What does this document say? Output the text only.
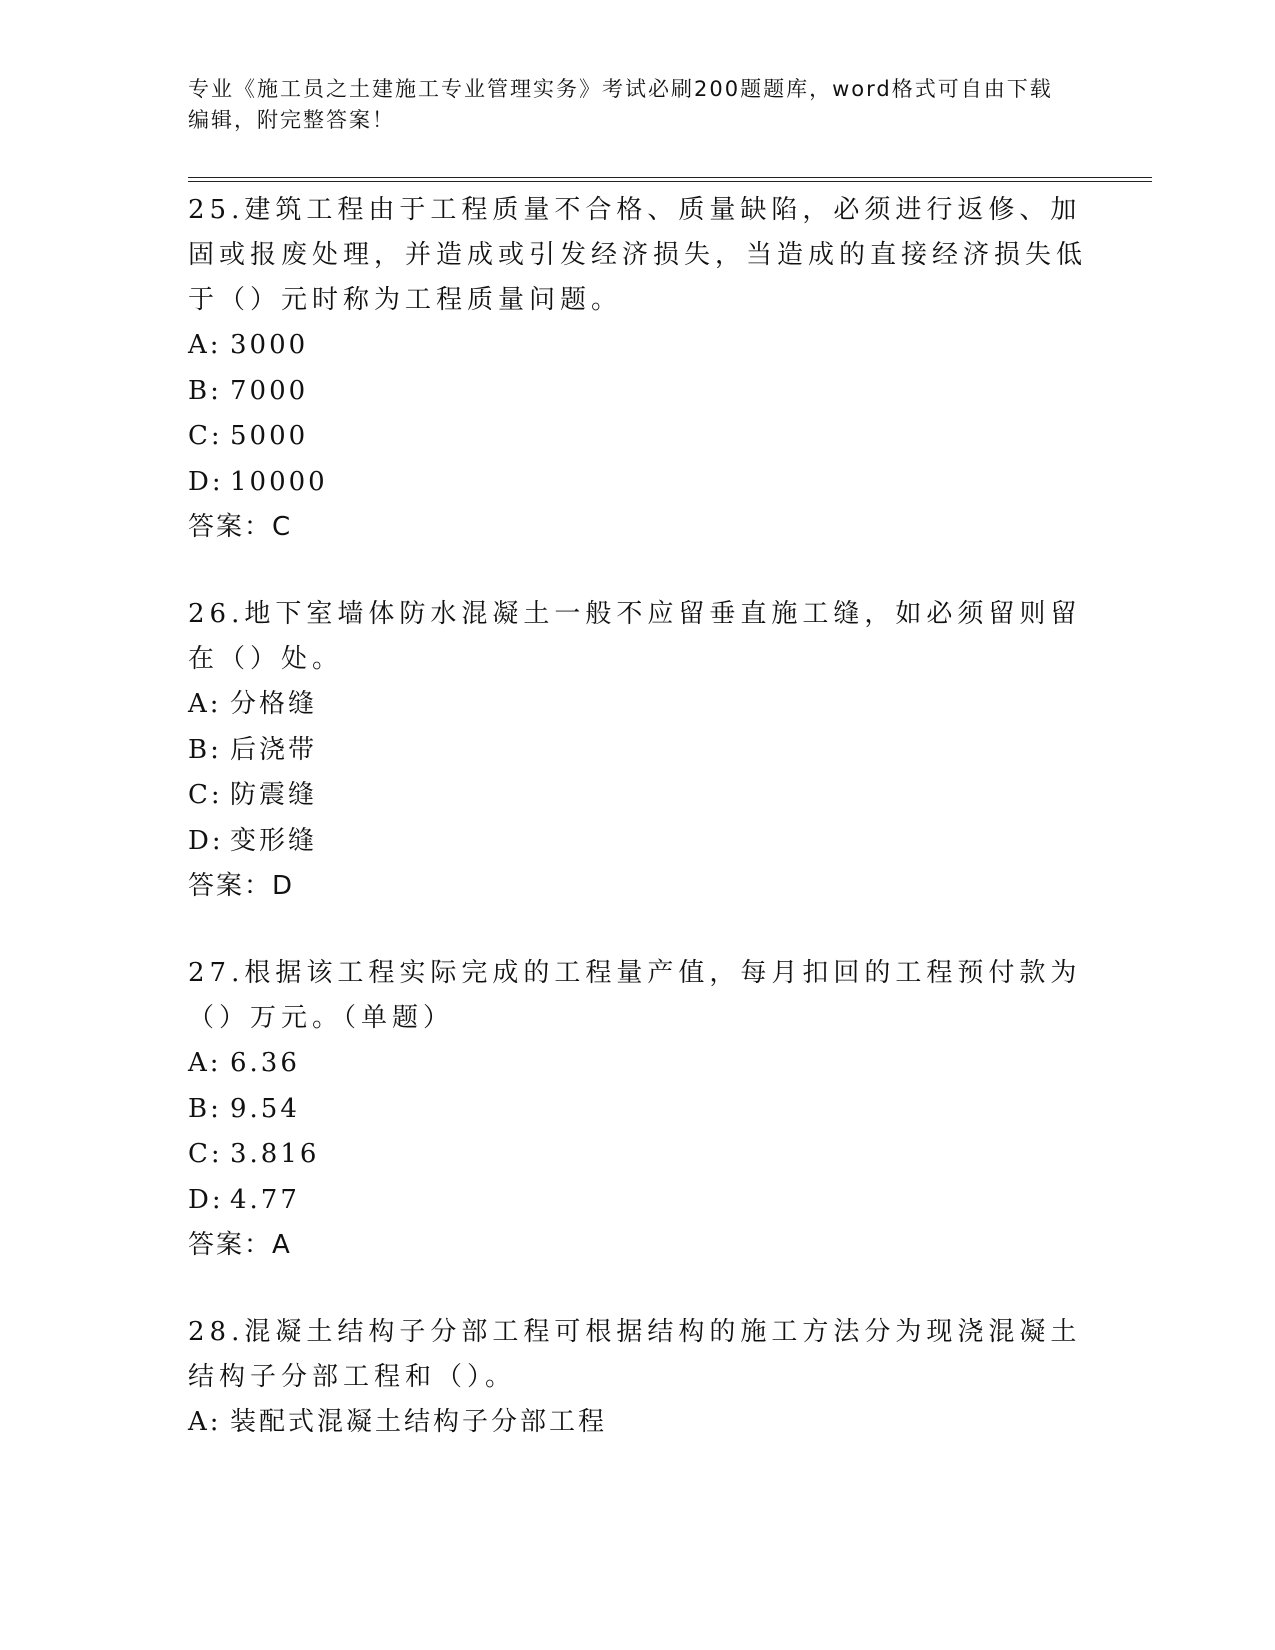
专业《施工员之土建施工专业管理实务》考试必刷200题题库，word格式可自由下载编辑，附完整答案！

25.建筑工程由于工程质量不合格、质量缺陷，必须进行返修、加固或报废处理，并造成或引发经济损失，当造成的直接经济损失低于（）元时称为工程质量问题。

A: 3000

B: 7000

C: 5000

D: 10000

答案：C

26.地下室墙体防水混凝土一般不应留垂直施工缝，如必须留则留在（）处。

A: 分格缝

B: 后浇带

C: 防震缝

D: 变形缝

答案：D

27.根据该工程实际完成的工程量产值，每月扣回的工程预付款为（）万元。（单题）

A: 6.36

B: 9.54

C: 3.816

D: 4.77

答案：A

28.混凝土结构子分部工程可根据结构的施工方法分为现浇混凝土结构子分部工程和（）。

A: 装配式混凝土结构子分部工程
